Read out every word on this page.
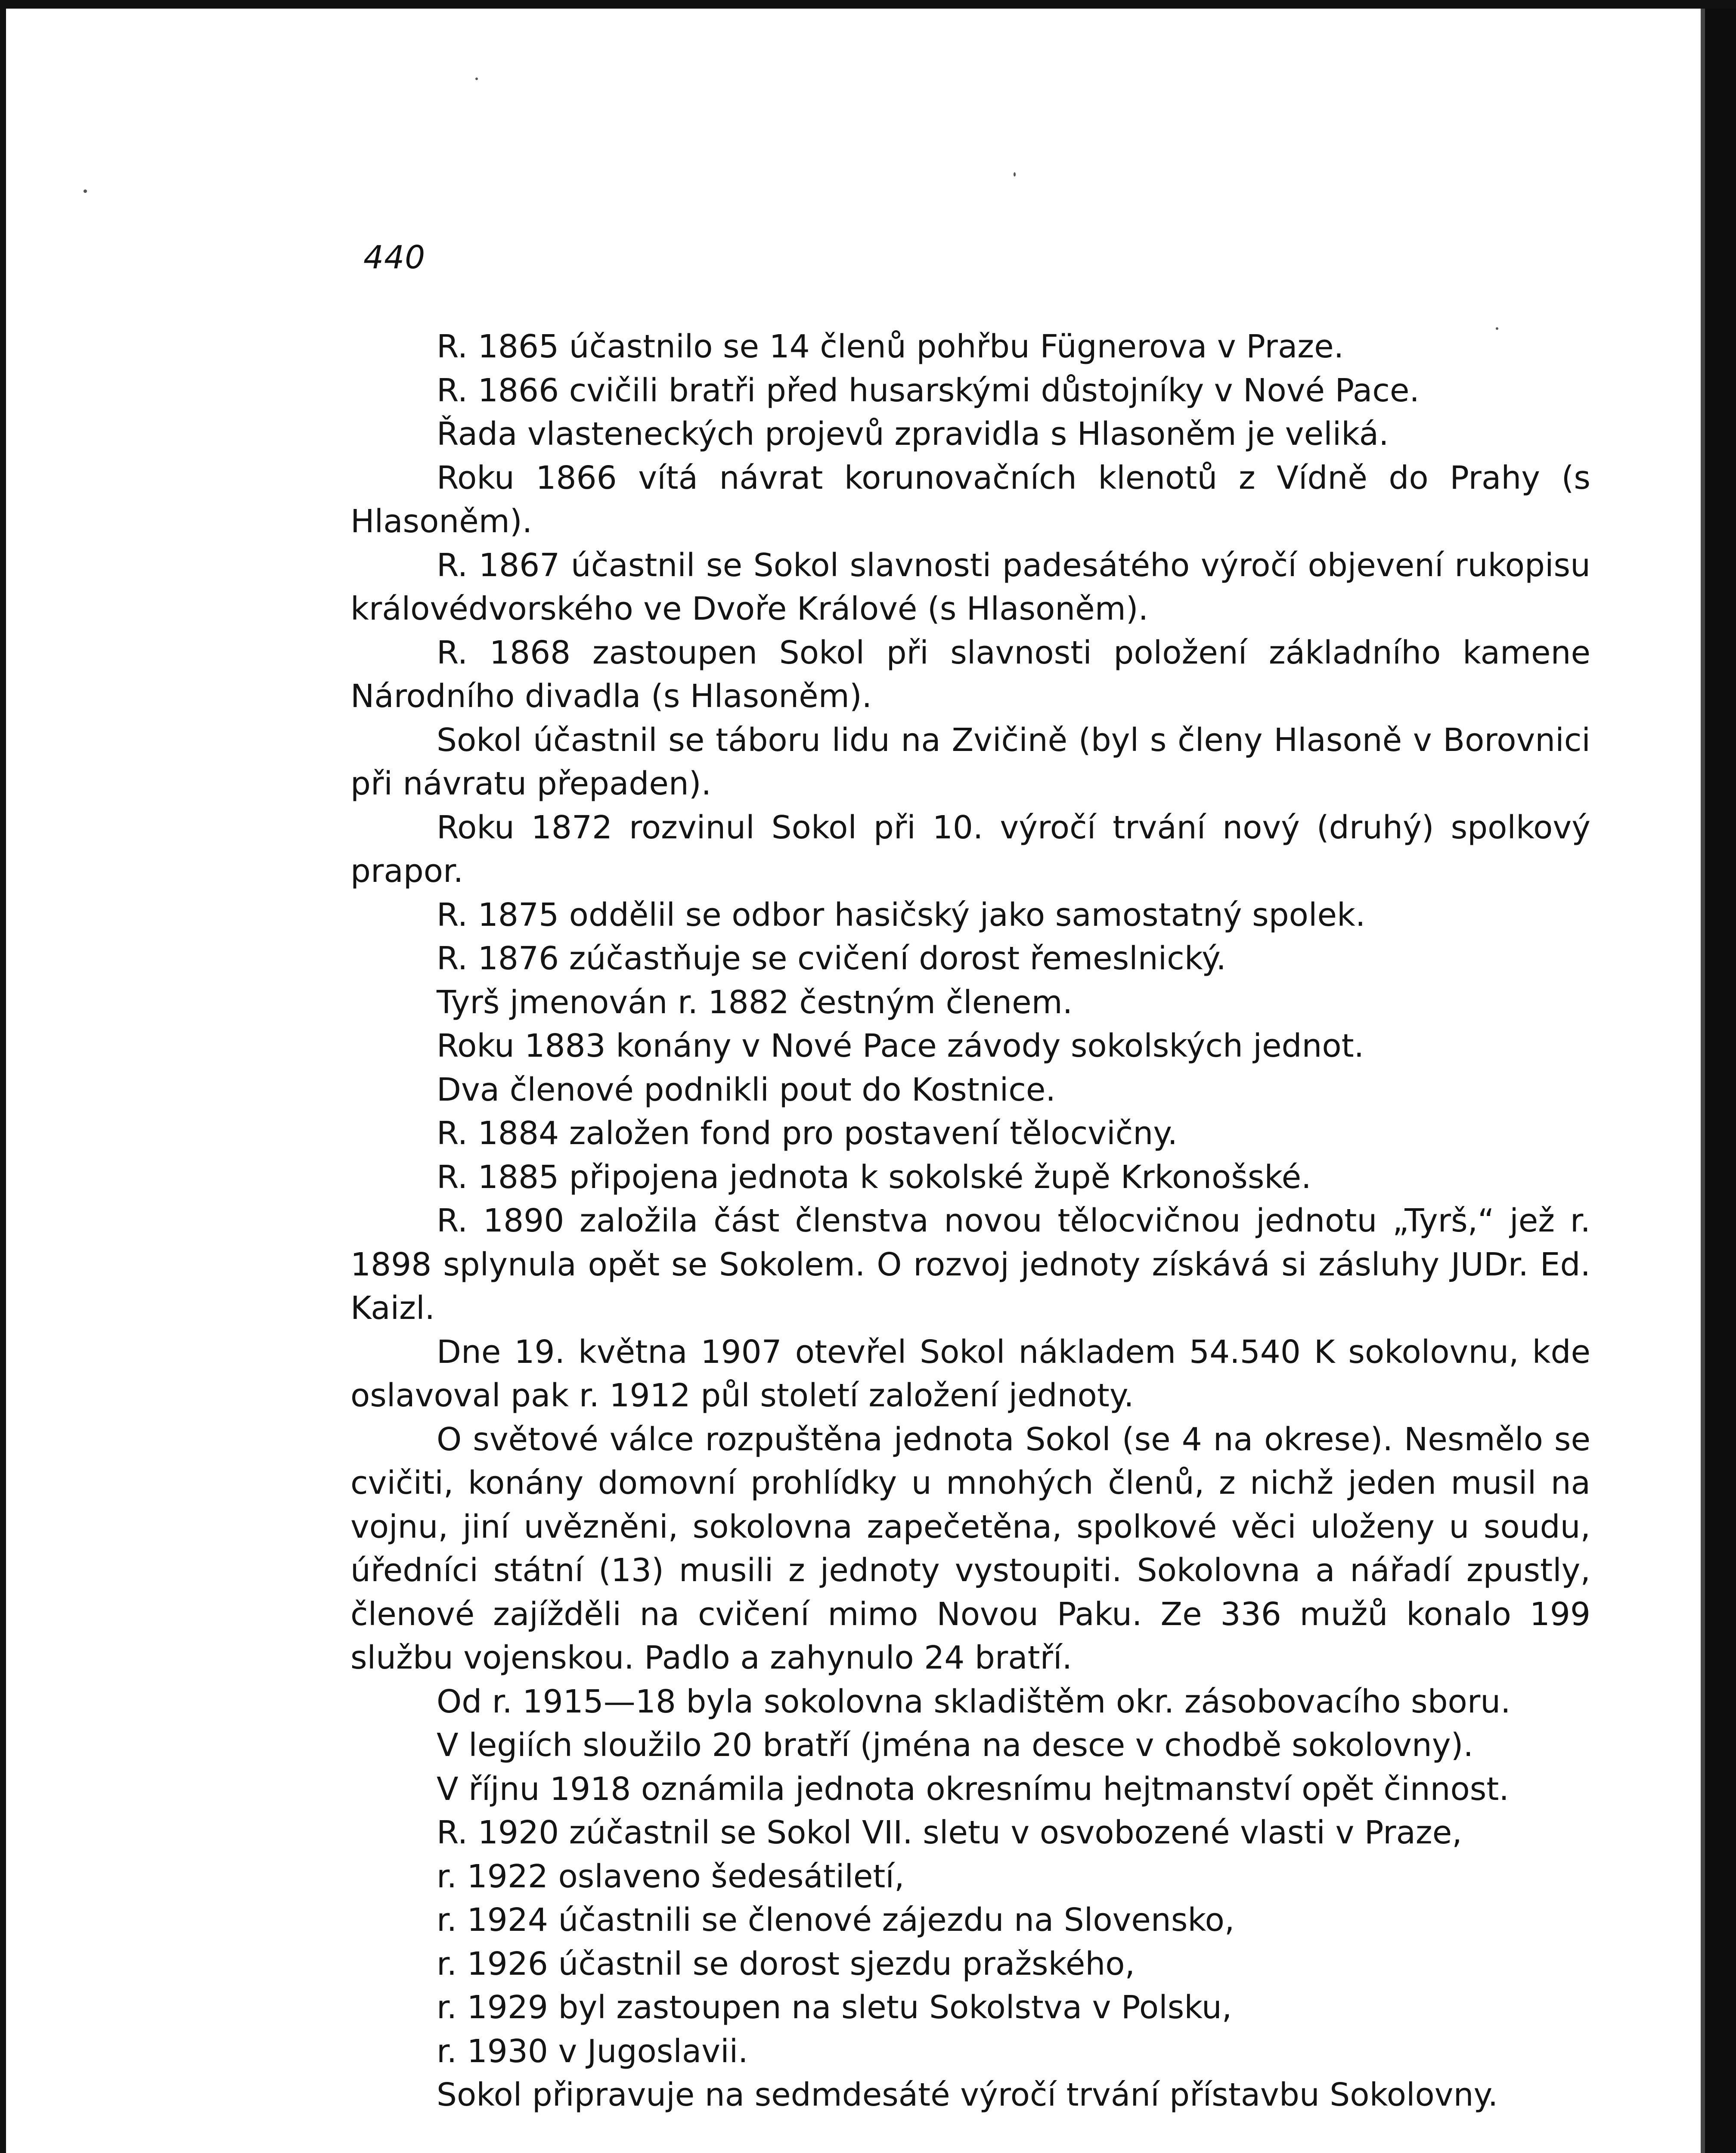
440

R. 1865 účastnilo se 14 členů pohřbu Fügnerova v Praze.

R. 1866 cvičili bratři před husarskými důstojníky v Nové Pace.

Řada vlasteneckých projevů zpravidla s Hlasoněm je veliká.

Roku 1866 vítá návrat korunovačních klenotů z Vídně do Prahy (s Hlasoněm).

R. 1867 účastnil se Sokol slavnosti padesátého výročí objevení rukopisu královédvorského ve Dvoře Králové (s Hlasoněm).

R. 1868 zastoupen Sokol při slavnosti položení základního kamene Národního divadla (s Hlasoněm).

Sokol účastnil se táboru lidu na Zvičině (byl s členy Hlasoně v Borovnici při návratu přepaden).

Roku 1872 rozvinul Sokol při 10. výročí trvání nový (druhý) spolkový prapor.

R. 1875 oddělil se odbor hasičský jako samostatný spolek.

R. 1876 zúčastňuje se cvičení dorost řemeslnický.

Tyrš jmenován r. 1882 čestným členem.

Roku 1883 konány v Nové Pace závody sokolských jednot.

Dva členové podnikli pout do Kostnice.

R. 1884 založen fond pro postavení tělocvičny.

R. 1885 připojena jednota k sokolské župě Krkonošské.

R. 1890 založila část členstva novou tělocvičnou jednotu „Tyrš,“ jež r. 1898 splynula opět se Sokolem. O rozvoj jednoty získává si zásluhy JUDr. Ed. Kaizl.

Dne 19. května 1907 otevřel Sokol nákladem 54.540 K sokolovnu, kde oslavoval pak r. 1912 půl století založení jednoty.

O světové válce rozpuštěna jednota Sokol (se 4 na okrese). Nesmělo se cvičiti, konány domovní prohlídky u mnohých členů, z nichž jeden musil na vojnu, jiní uvězněni, sokolovna zapečetěna, spolkové věci uloženy u soudu, úředníci státní (13) musili z jednoty vystoupiti. Sokolovna a nářadí zpustly, členové zajížděli na cvičení mimo Novou Paku. Ze 336 mužů konalo 199 službu vojenskou. Padlo a zahynulo 24 bratří.

Od r. 1915—18 byla sokolovna skladištěm okr. zásobovacího sboru.

V legiích sloužilo 20 bratří (jména na desce v chodbě sokolovny).

V říjnu 1918 oznámila jednota okresnímu hejtmanství opět činnost.

R. 1920 zúčastnil se Sokol VII. sletu v osvobozené vlasti v Praze,

r. 1922 oslaveno šedesátiletí,

r. 1924 účastnili se členové zájezdu na Slovensko,

r. 1926 účastnil se dorost sjezdu pražského,

r. 1929 byl zastoupen na sletu Sokolstva v Polsku,

r. 1930 v Jugoslavii.

Sokol připravuje na sedmdesáté výročí trvání přístavbu Sokolovny.
